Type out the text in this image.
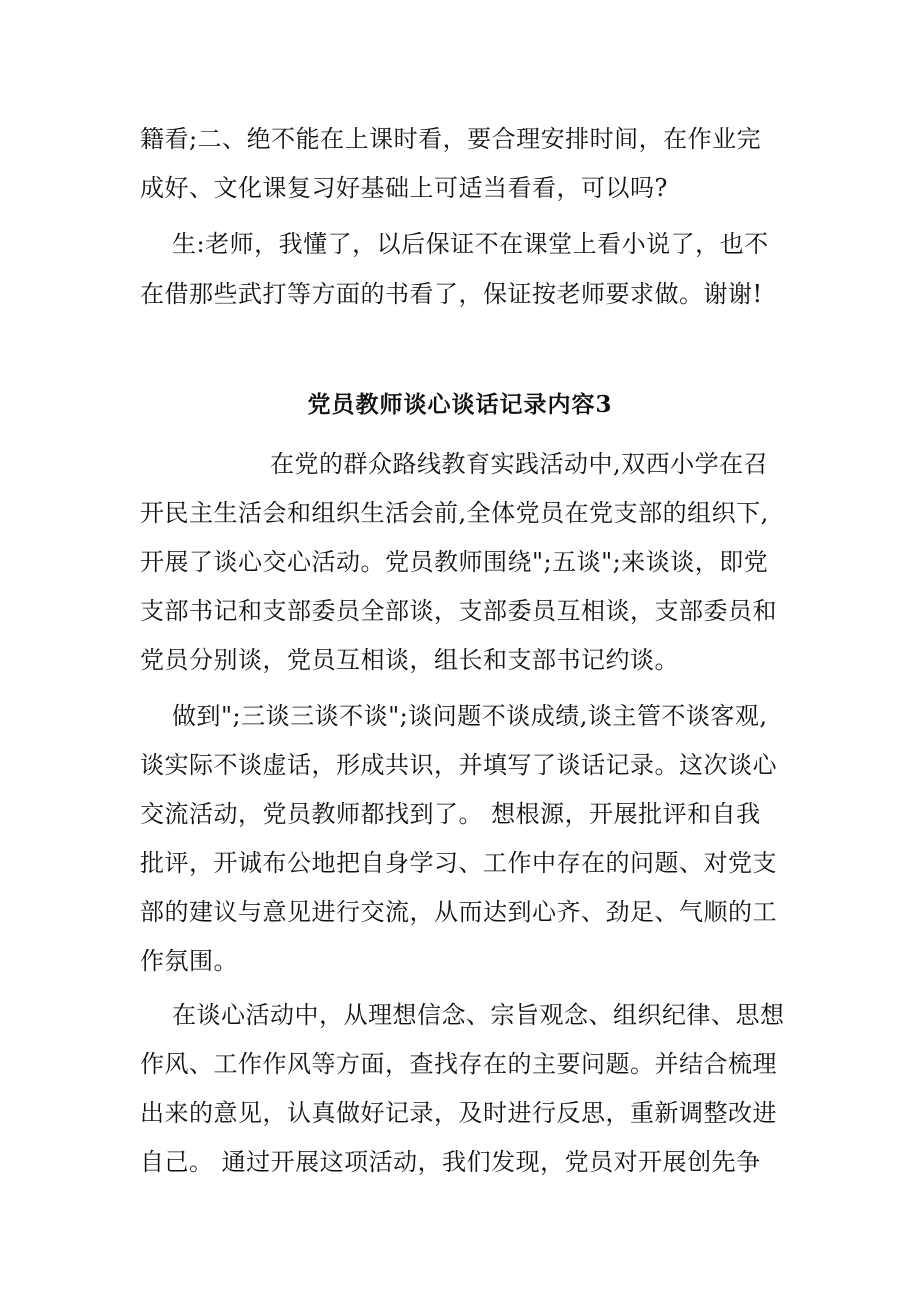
籍看;二、绝不能在上课时看，要合理安排时间，在作业完
成好、文化课复习好基础上可适当看看，可以吗?
生:老师，我懂了，以后保证不在课堂上看小说了，也不
在借那些武打等方面的书看了，保证按老师要求做。谢谢!
党员教师谈心谈话记录内容3
在党的群众路线教育实践活动中,双西小学在召
开民主生活会和组织生活会前,全体党员在党支部的组织下,
开展了谈心交心活动。党员教师围绕";五谈";来谈谈，即党
支部书记和支部委员全部谈，支部委员互相谈，支部委员和
党员分别谈，党员互相谈，组长和支部书记约谈。
做到";三谈三谈不谈";谈问题不谈成绩,谈主管不谈客观,
谈实际不谈虚话，形成共识，并填写了谈话记录。这次谈心
交流活动，党员教师都找到了。 想根源，开展批评和自我
批评，开诚布公地把自身学习、工作中存在的问题、对党支
部的建议与意见进行交流，从而达到心齐、劲足、气顺的工
作氛围。
在谈心活动中，从理想信念、宗旨观念、组织纪律、思想
作风、工作作风等方面，查找存在的主要问题。并结合梳理
出来的意见，认真做好记录，及时进行反思，重新调整改进
自己。 通过开展这项活动，我们发现，党员对开展创先争
